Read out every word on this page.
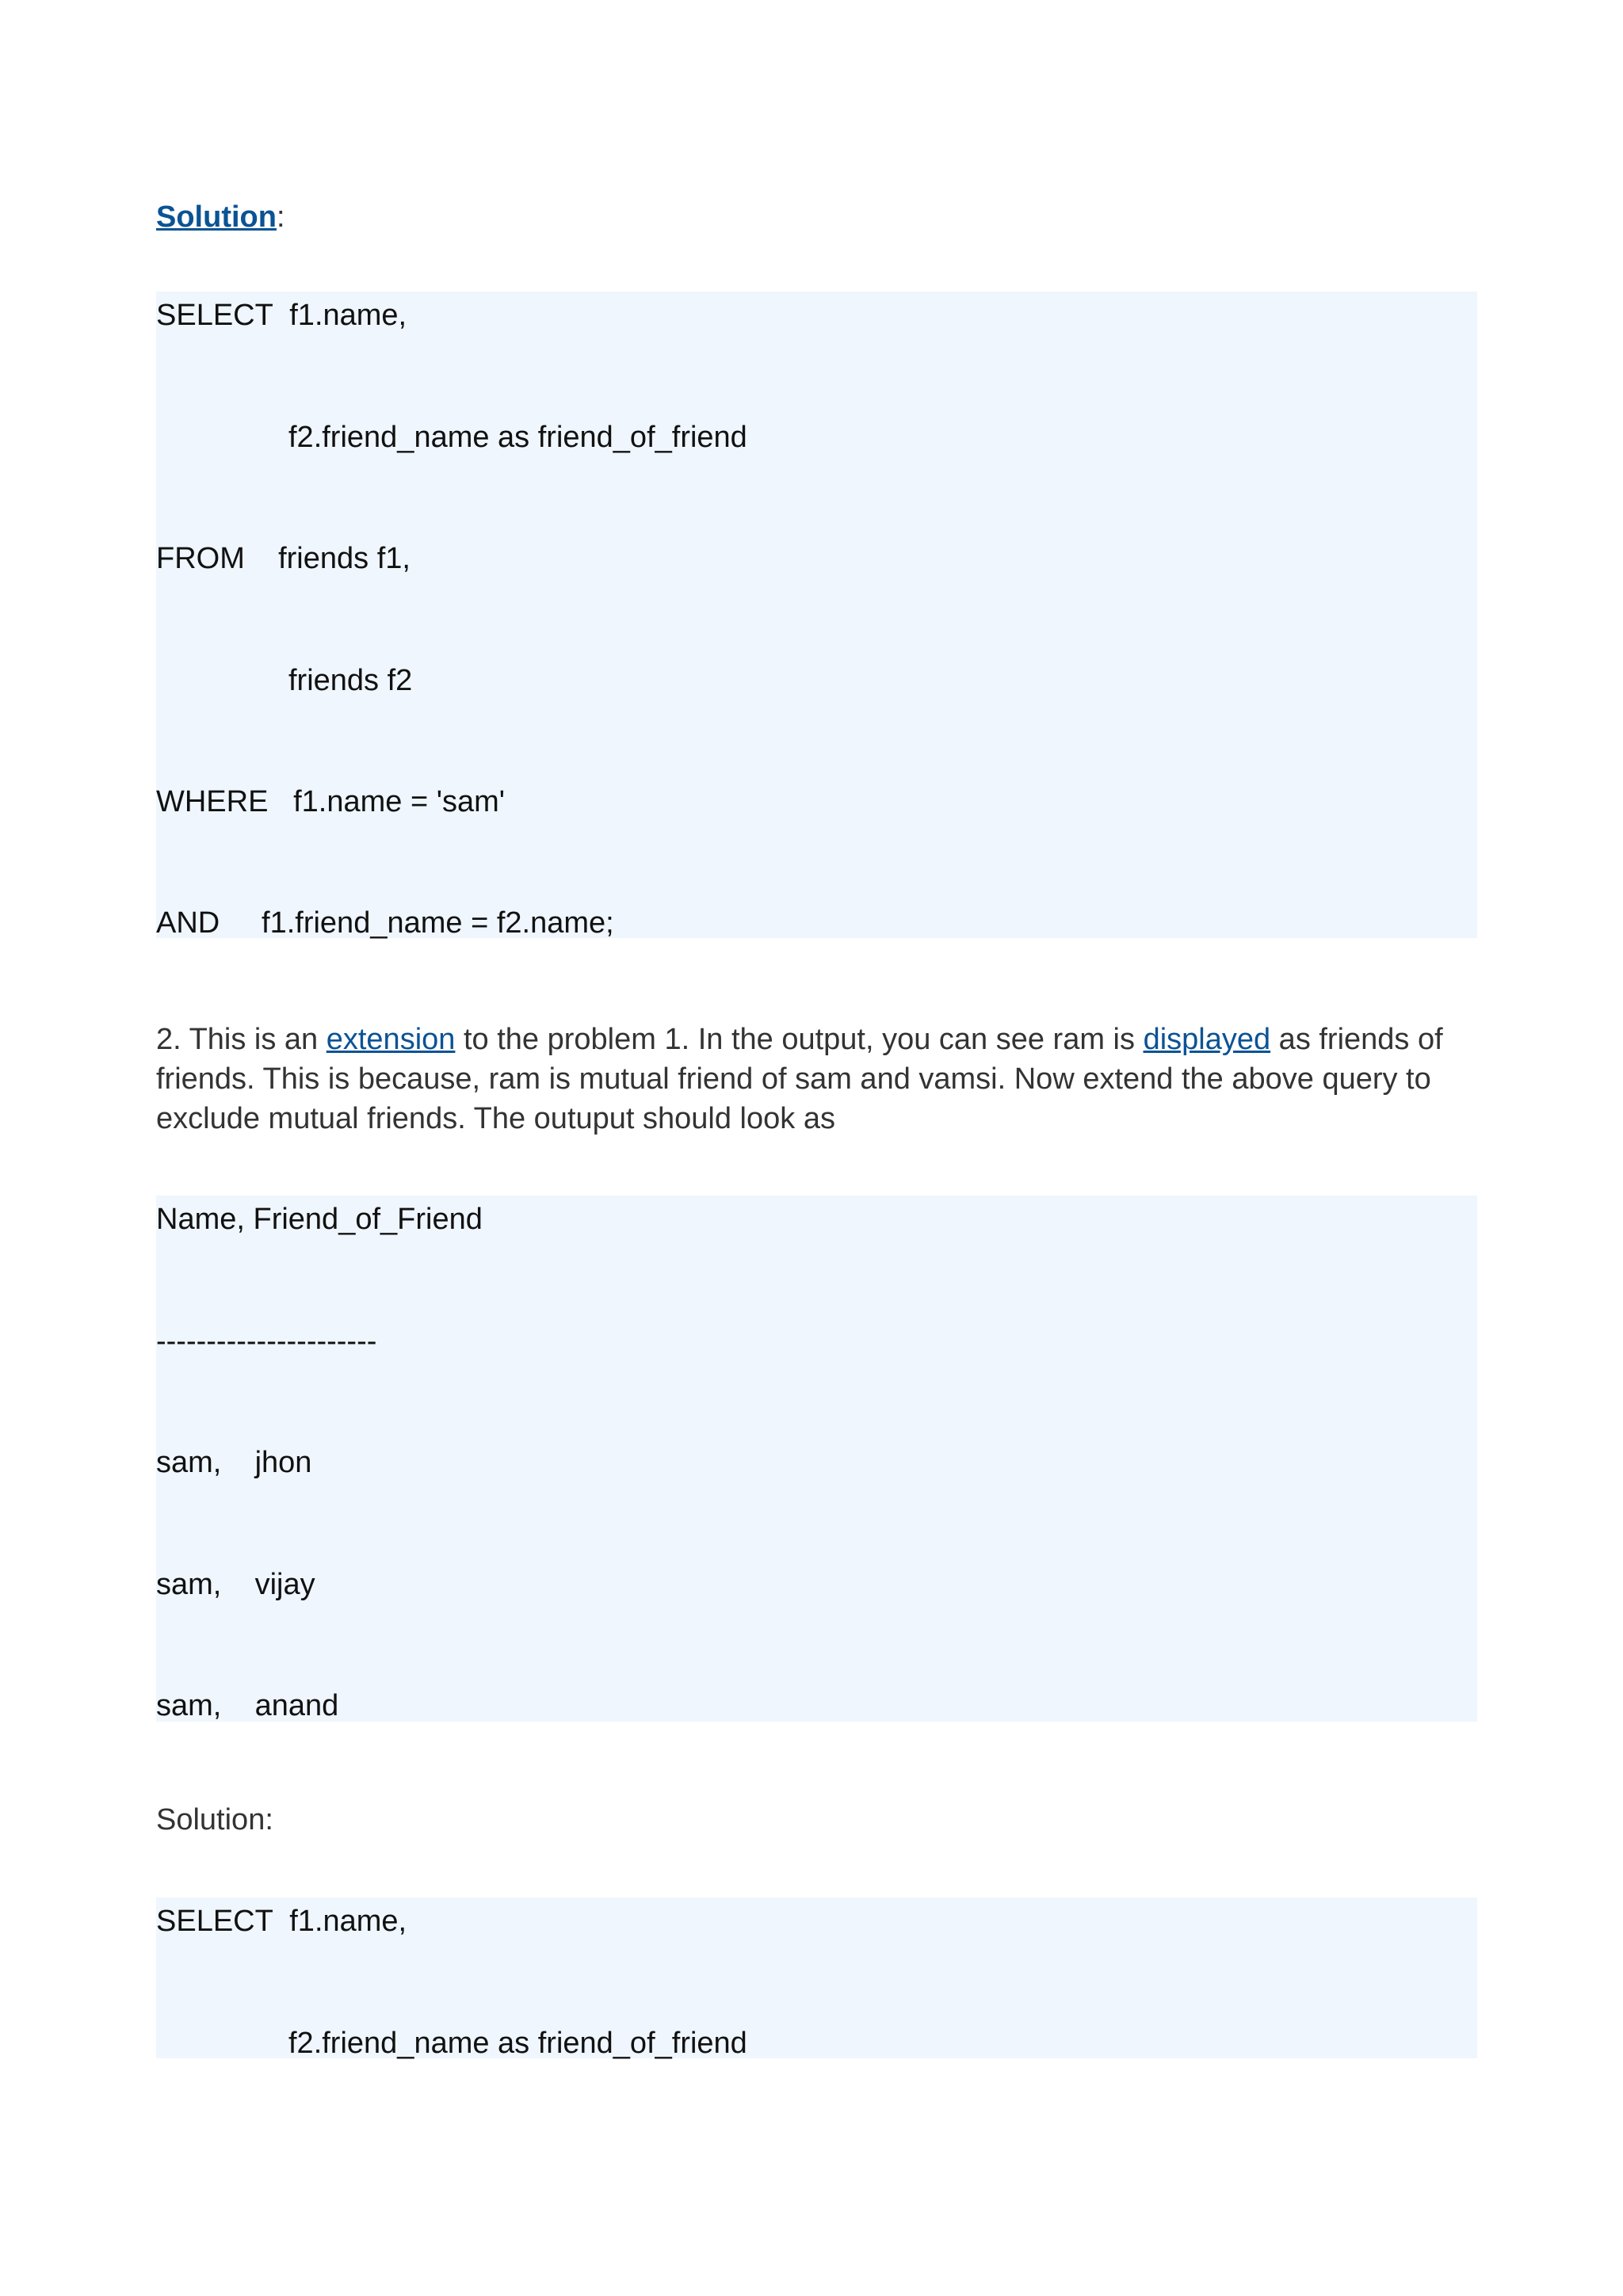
Solution:
SELECT  f1.name,
f2.friend_name as friend_of_friend
FROM    friends f1,
friends f2
WHERE   f1.name = 'sam'
AND     f1.friend_name = f2.name;
2. This is an extension to the problem 1. In the output, you can see ram is displayed as friends of friends. This is because, ram is mutual friend of sam and vamsi. Now extend the above query to exclude mutual friends. The outuput should look as
Name, Friend_of_Friend
----------------------
sam,    jhon
sam,    vijay
sam,    anand
Solution:
SELECT  f1.name,
f2.friend_name as friend_of_friend
